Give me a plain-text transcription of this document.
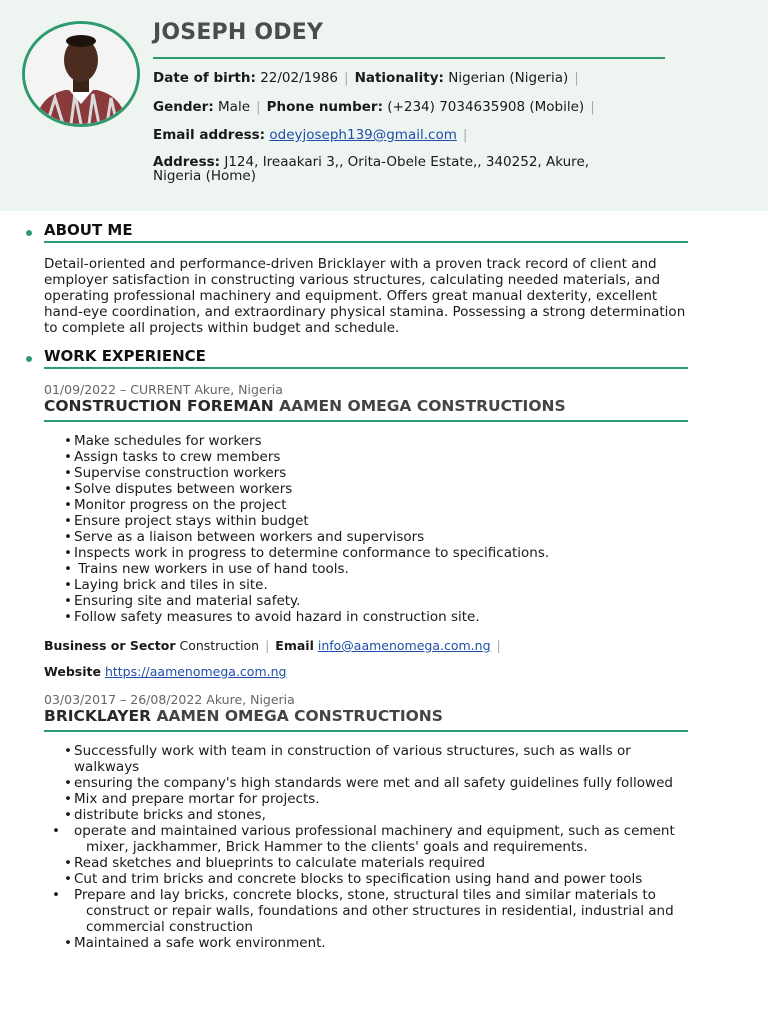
JOSEPH ODEY
Date of birth: 22/02/1986 | Nationality: Nigerian (Nigeria) |
Gender: Male | Phone number: (+234) 7034635908 (Mobile) |
Email address: odeyjoseph139@gmail.com |
Address: J124, Ireaakari 3,, Orita-Obele Estate,, 340252, Akure, Nigeria (Home)
ABOUT ME

Detail-oriented and performance-driven Bricklayer with a proven track record of client and employer satisfaction in constructing various structures, calculating needed materials, and operating professional machinery and equipment. Offers great manual dexterity, excellent hand-eye coordination, and extraordinary physical stamina. Possessing a strong determination to complete all projects within budget and schedule.

WORK EXPERIENCE
01/09/2022 – CURRENT Akure, Nigeria
CONSTRUCTION FOREMAN AAMEN OMEGA CONSTRUCTIONS
• Make schedules for workers
• Assign tasks to crew members
• Supervise construction workers
• Solve disputes between workers
• Monitor progress on the project
• Ensure project stays within budget
• Serve as a liaison between workers and supervisors
• Inspects work in progress to determine conformance to specifications.
•  Trains new workers in use of hand tools.
• Laying brick and tiles in site.
• Ensuring site and material safety.
• Follow safety measures to avoid hazard in construction site.
Business or Sector Construction | Email info@aamenomega.com.ng |
Website https://aamenomega.com.ng
03/03/2017 – 26/08/2022 Akure, Nigeria
BRICKLAYER AAMEN OMEGA CONSTRUCTIONS
• Successfully work with team in construction of various structures, such as walls or walkways
• ensuring the company's high standards were met and all safety guidelines fully followed
• Mix and prepare mortar for projects.
• distribute bricks and stones,
• operate and maintained various professional machinery and equipment, such as cement mixer, jackhammer, Brick Hammer to the clients' goals and requirements.
• Read sketches and blueprints to calculate materials required
• Cut and trim bricks and concrete blocks to specification using hand and power tools
• Prepare and lay bricks, concrete blocks, stone, structural tiles and similar materials to construct or repair walls, foundations and other structures in residential, industrial and commercial construction
• Maintained a safe work environment.
